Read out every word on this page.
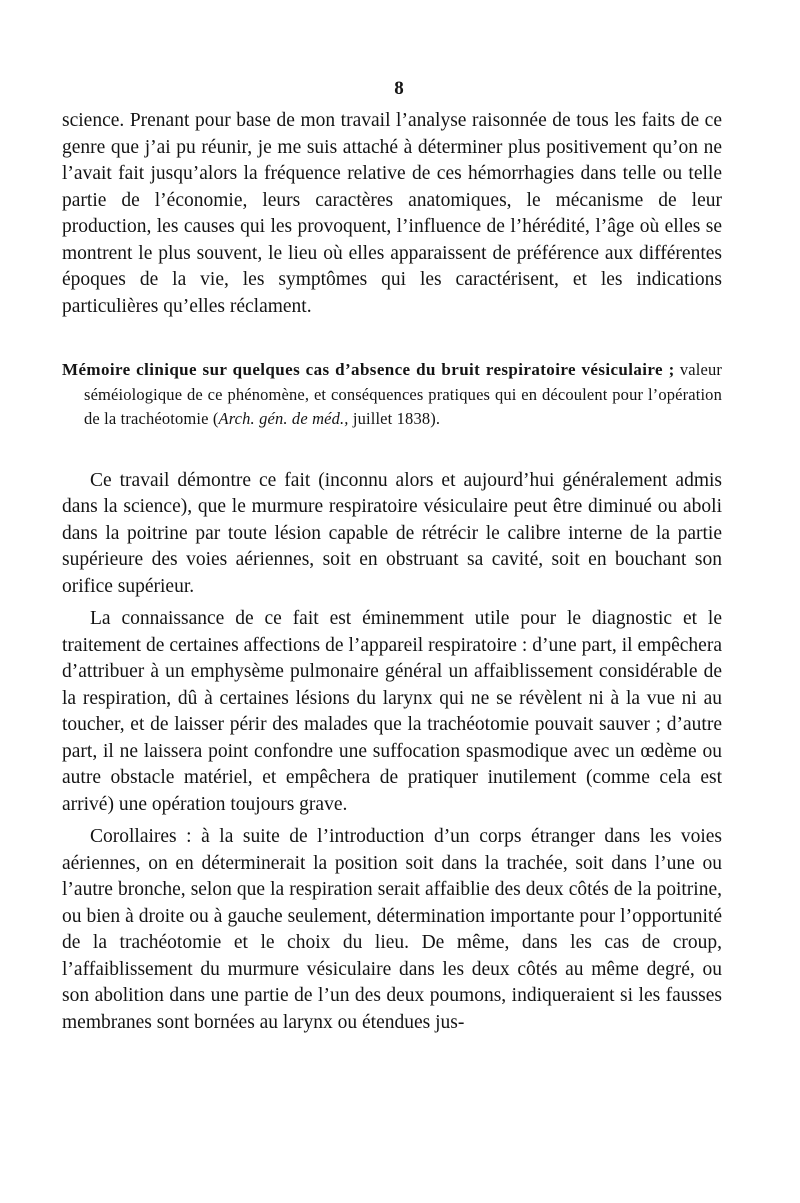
8

science. Prenant pour base de mon travail l’analyse raisonnée de tous les faits de ce genre que j’ai pu réunir, je me suis attaché à déterminer plus positivement qu’on ne l’avait fait jusqu’alors la fréquence relative de ces hémorrhagies dans telle ou telle partie de l’économie, leurs caractères anatomiques, le mécanisme de leur production, les causes qui les provoquent, l’influence de l’hérédité, l’âge où elles se montrent le plus souvent, le lieu où elles apparaissent de préférence aux différentes époques de la vie, les symptômes qui les caractérisent, et les indications particulières qu’elles réclament.

Mémoire clinique sur quelques cas d’absence du bruit respiratoire vésiculaire ; valeur séméiologique de ce phénomène, et conséquences pratiques qui en découlent pour l’opération de la trachéotomie (Arch. gén. de méd., juillet 1838).

Ce travail démontre ce fait (inconnu alors et aujourd’hui généralement admis dans la science), que le murmure respiratoire vésiculaire peut être diminué ou aboli dans la poitrine par toute lésion capable de rétrécir le calibre interne de la partie supérieure des voies aériennes, soit en obstruant sa cavité, soit en bouchant son orifice supérieur.

La connaissance de ce fait est éminemment utile pour le diagnostic et le traitement de certaines affections de l’appareil respiratoire : d’une part, il empêchera d’attribuer à un emphysème pulmonaire général un affaiblissement considérable de la respiration, dû à certaines lésions du larynx qui ne se révèlent ni à la vue ni au toucher, et de laisser périr des malades que la trachéotomie pouvait sauver ; d’autre part, il ne laissera point confondre une suffocation spasmodique avec un œdème ou autre obstacle matériel, et empêchera de pratiquer inutilement (comme cela est arrivé) une opération toujours grave.

Corollaires : à la suite de l’introduction d’un corps étranger dans les voies aériennes, on en déterminerait la position soit dans la trachée, soit dans l’une ou l’autre bronche, selon que la respiration serait affaiblie des deux côtés de la poitrine, ou bien à droite ou à gauche seulement, détermination importante pour l’opportunité de la trachéotomie et le choix du lieu. De même, dans les cas de croup, l’affaiblissement du murmure vésiculaire dans les deux côtés au même degré, ou son abolition dans une partie de l’un des deux poumons, indiqueraient si les fausses membranes sont bornées au larynx ou étendues jus-
